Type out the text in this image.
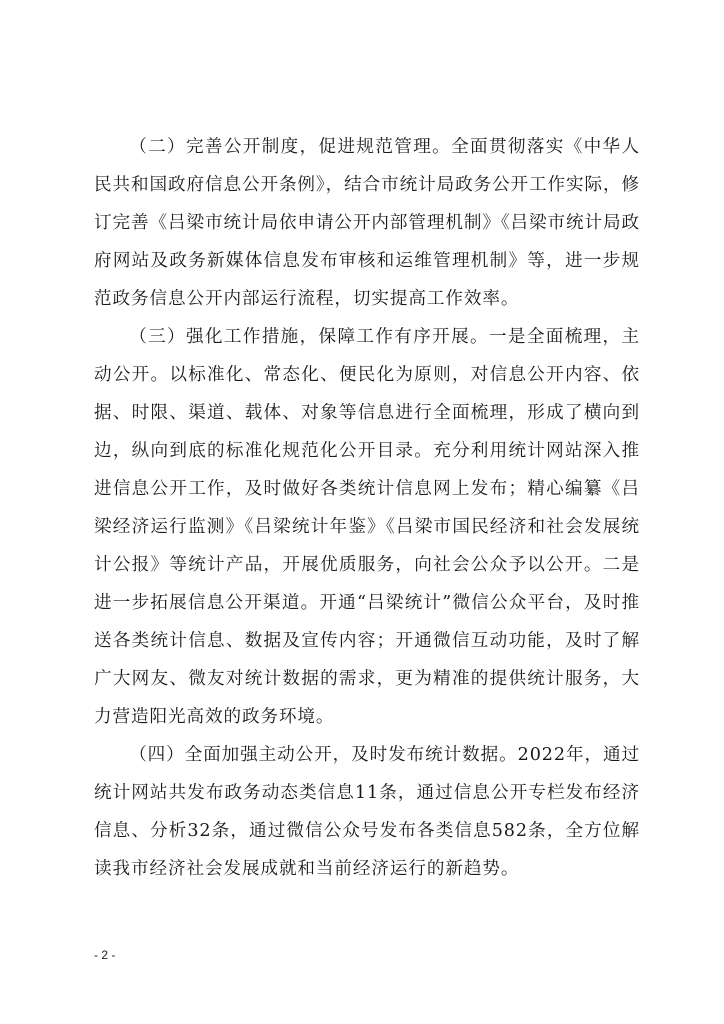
（二）完善公开制度，促进规范管理。全面贯彻落实《中华人民共和国政府信息公开条例》，结合市统计局政务公开工作实际，修订完善《吕梁市统计局依申请公开内部管理机制》《吕梁市统计局政府网站及政务新媒体信息发布审核和运维管理机制》等，进一步规范政务信息公开内部运行流程，切实提高工作效率。

（三）强化工作措施，保障工作有序开展。一是全面梳理，主动公开。以标准化、常态化、便民化为原则，对信息公开内容、依据、时限、渠道、载体、对象等信息进行全面梳理，形成了横向到边，纵向到底的标准化规范化公开目录。充分利用统计网站深入推进信息公开工作，及时做好各类统计信息网上发布；精心编纂《吕梁经济运行监测》《吕梁统计年鉴》《吕梁市国民经济和社会发展统计公报》等统计产品，开展优质服务，向社会公众予以公开。二是进一步拓展信息公开渠道。开通“吕梁统计”微信公众平台，及时推送各类统计信息、数据及宣传内容；开通微信互动功能，及时了解广大网友、微友对统计数据的需求，更为精准的提供统计服务，大力营造阳光高效的政务环境。

（四）全面加强主动公开，及时发布统计数据。2022年，通过统计网站共发布政务动态类信息11条，通过信息公开专栏发布经济信息、分析32条，通过微信公众号发布各类信息582条，全方位解读我市经济社会发展成就和当前经济运行的新趋势。

- 2 -
